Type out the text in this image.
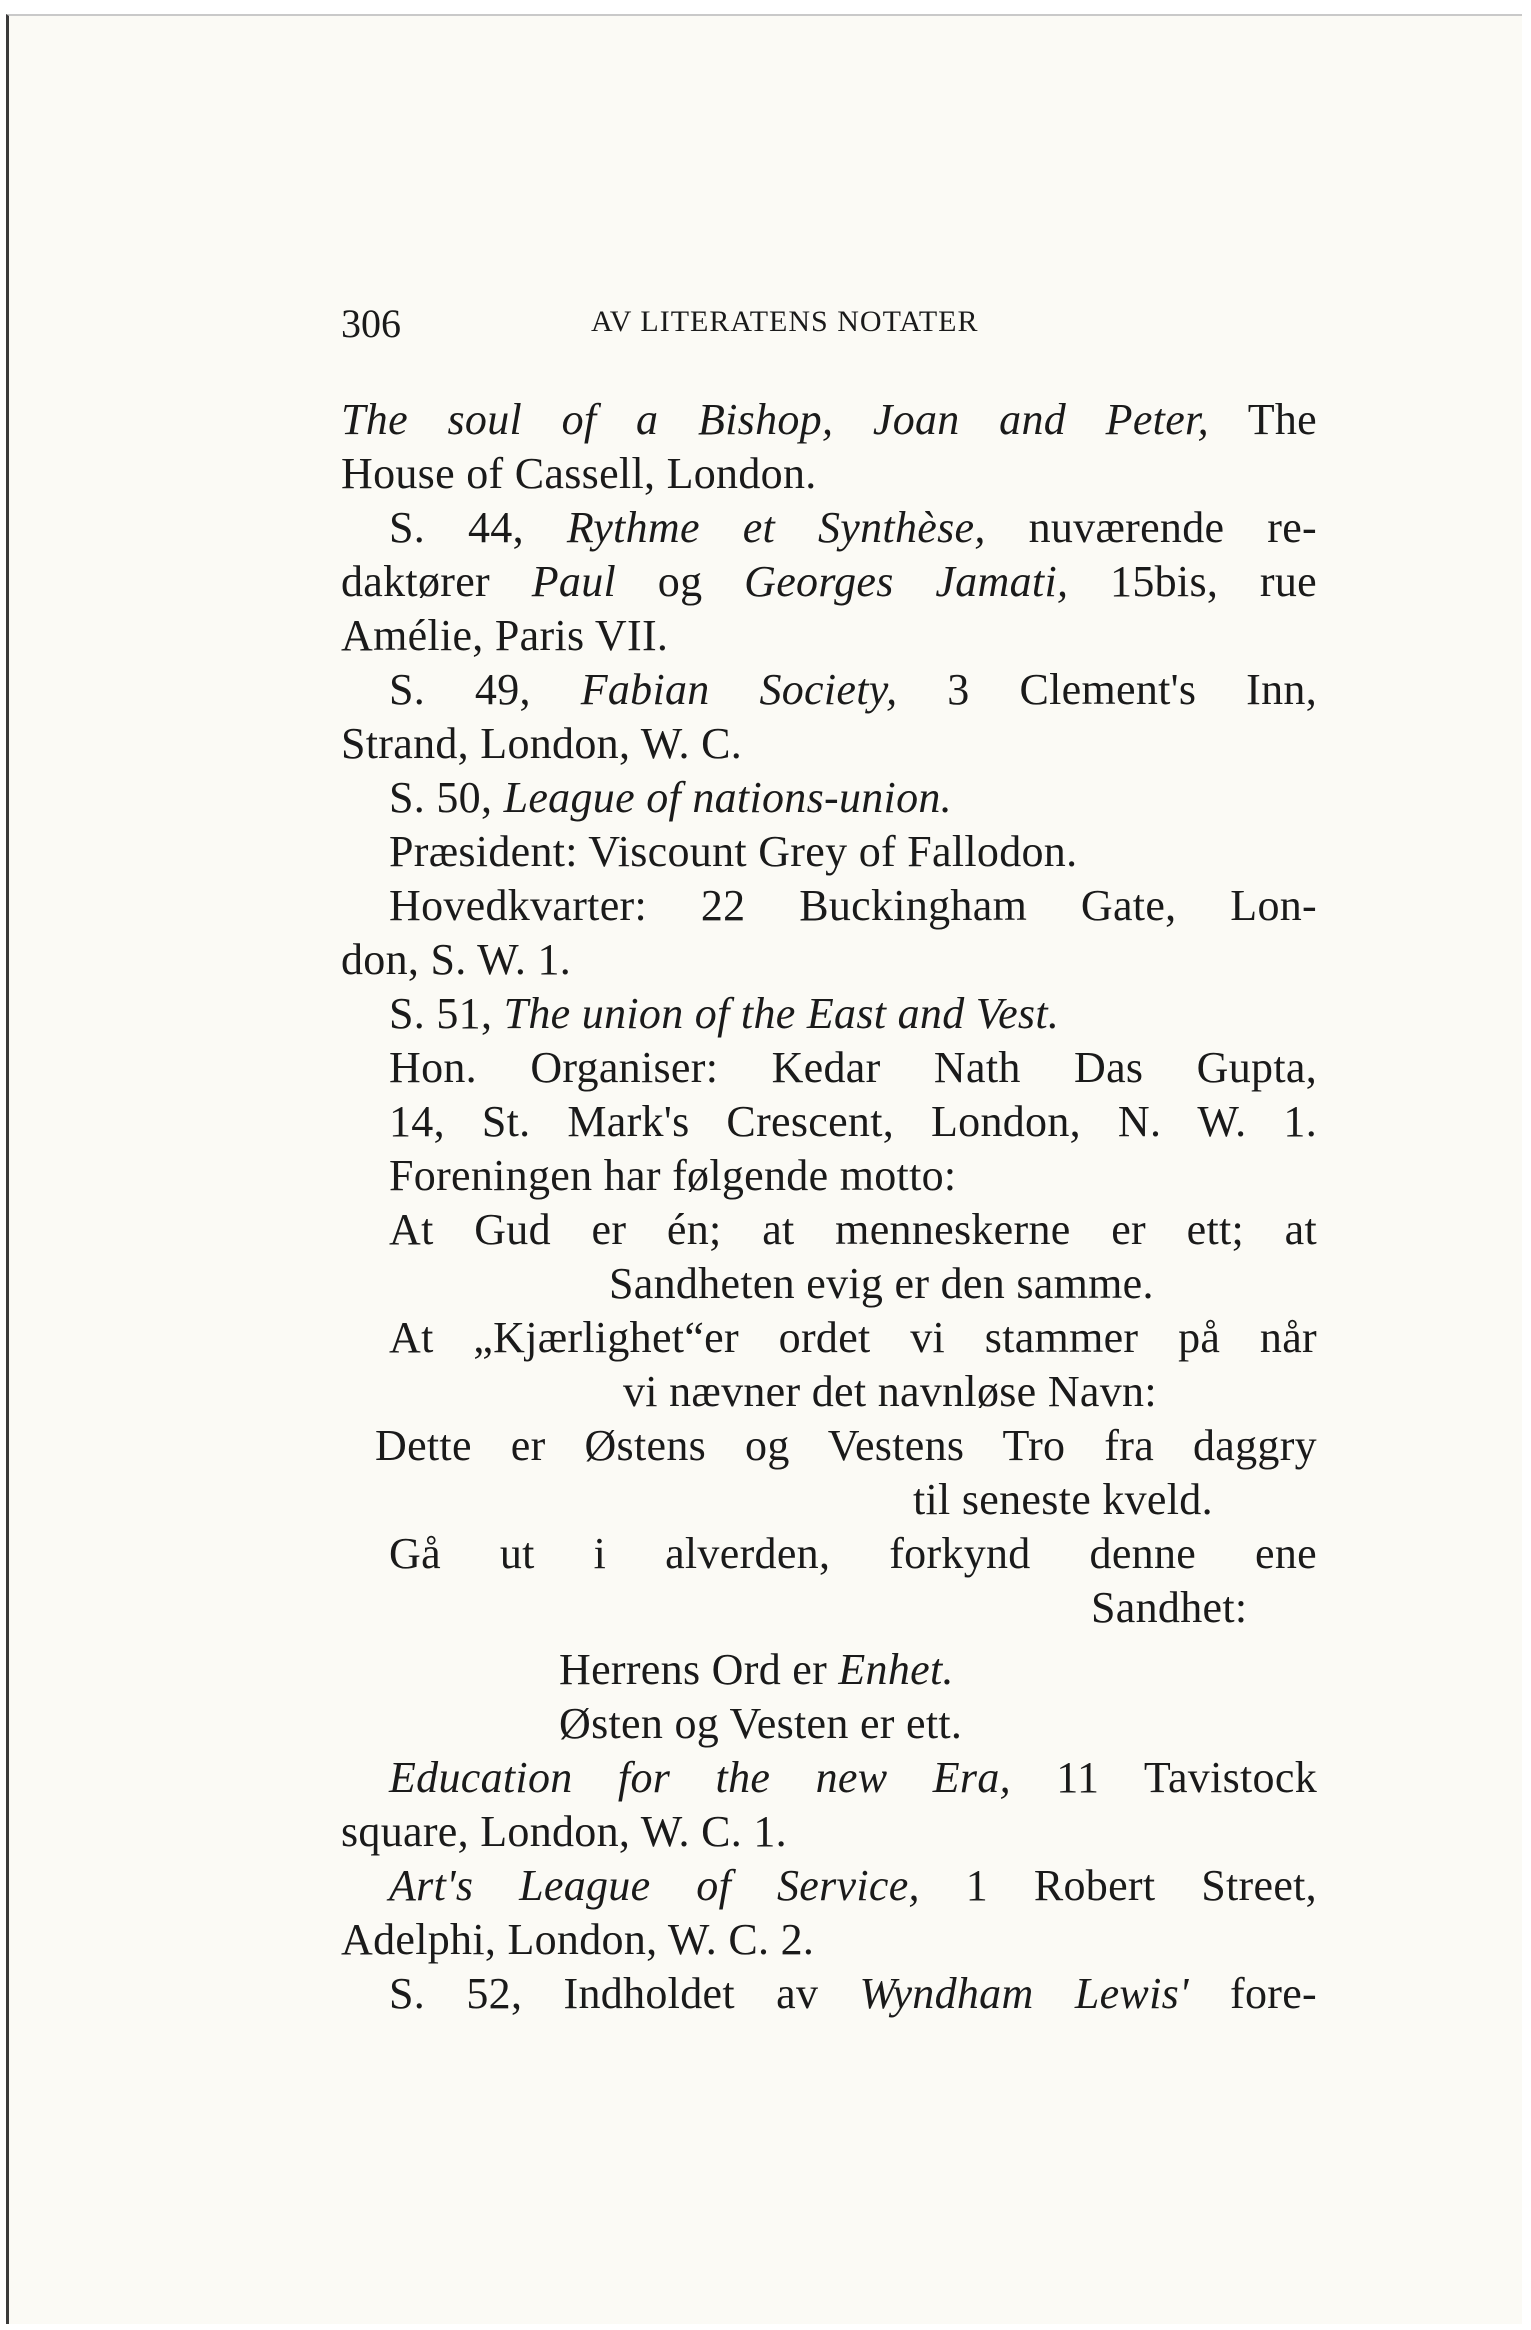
306	AV LITERATENS NOTATER
The soul of a Bishop, Joan and Peter, The
House of Cassell, London.
S. 44, Rythme et Synthèse, nuværende re-
daktører Paul og Georges Jamati, 15bis, rue
Amélie, Paris VII.
S. 49, Fabian Society, 3 Clement's Inn,
Strand, London, W. C.
S. 50, League of nations-union.
Præsident: Viscount Grey of Fallodon.
Hovedkvarter: 22 Buckingham Gate, Lon-
don, S. W. 1.
S. 51, The union of the East and Vest.
Hon. Organiser: Kedar Nath Das Gupta,
14, St. Mark's Crescent, London, N. W. 1.
Foreningen har følgende motto:
At Gud er én; at menneskerne er ett; at
Sandheten evig er den samme.
At „Kjærlighet“er ordet vi stammer på når
vi nævner det navnløse Navn:
Dette er Østens og Vestens Tro fra daggry
til seneste kveld.
Gå ut i alverden, forkynd denne ene
Sandhet:
Herrens Ord er Enhet.
Østen og Vesten er ett.
Education for the new Era, 11 Tavistock
square, London, W. C. 1.
Art's League of Service, 1 Robert Street,
Adelphi, London, W. C. 2.
S. 52, Indholdet av Wyndham Lewis' fore-
